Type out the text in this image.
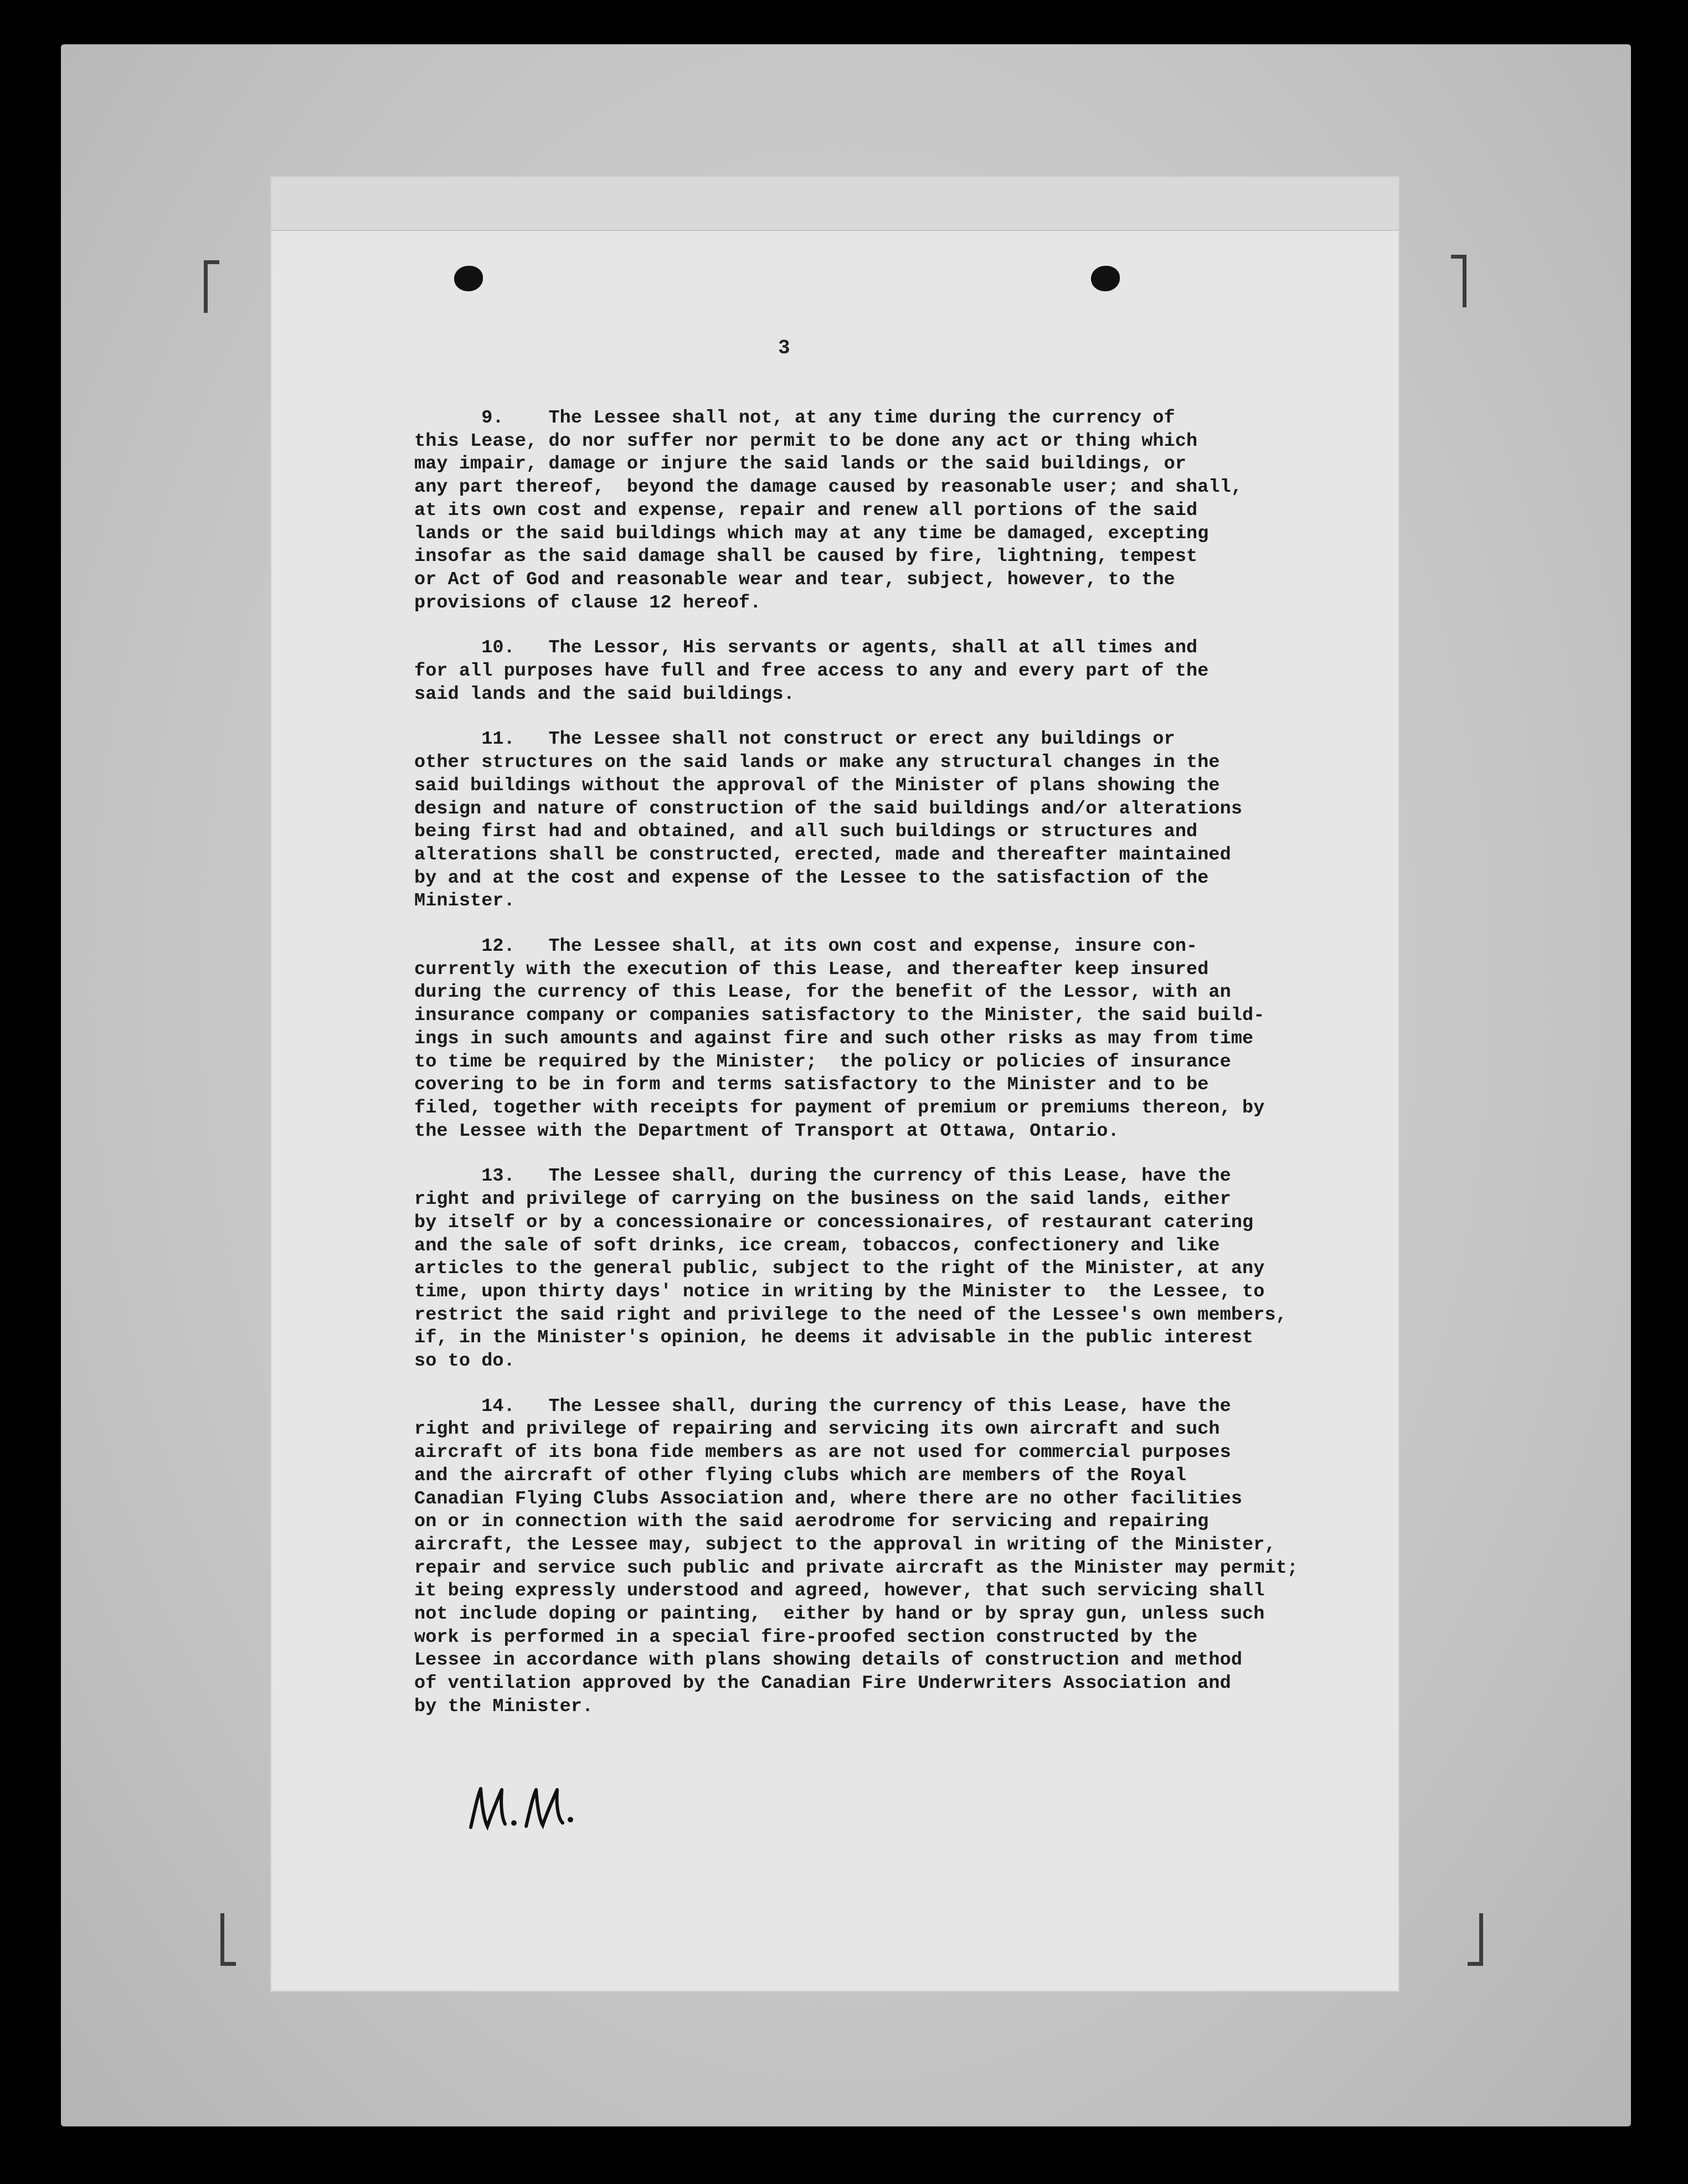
3
9.    The Lessee shall not, at any time during the currency of
this Lease, do nor suffer nor permit to be done any act or thing which
may impair, damage or injure the said lands or the said buildings, or
any part thereof,  beyond the damage caused by reasonable user; and shall,
at its own cost and expense, repair and renew all portions of the said
lands or the said buildings which may at any time be damaged, excepting
insofar as the said damage shall be caused by fire, lightning, tempest
or Act of God and reasonable wear and tear, subject, however, to the
provisions of clause 12 hereof.
10.   The Lessor, His servants or agents, shall at all times and
for all purposes have full and free access to any and every part of the
said lands and the said buildings.
11.   The Lessee shall not construct or erect any buildings or
other structures on the said lands or make any structural changes in the
said buildings without the approval of the Minister of plans showing the
design and nature of construction of the said buildings and/or alterations
being first had and obtained, and all such buildings or structures and
alterations shall be constructed, erected, made and thereafter maintained
by and at the cost and expense of the Lessee to the satisfaction of the
Minister.
12.   The Lessee shall, at its own cost and expense, insure con-
currently with the execution of this Lease, and thereafter keep insured
during the currency of this Lease, for the benefit of the Lessor, with an
insurance company or companies satisfactory to the Minister, the said build-
ings in such amounts and against fire and such other risks as may from time
to time be required by the Minister;  the policy or policies of insurance
covering to be in form and terms satisfactory to the Minister and to be
filed, together with receipts for payment of premium or premiums thereon, by
the Lessee with the Department of Transport at Ottawa, Ontario.
13.   The Lessee shall, during the currency of this Lease, have the
right and privilege of carrying on the business on the said lands, either
by itself or by a concessionaire or concessionaires, of restaurant catering
and the sale of soft drinks, ice cream, tobaccos, confectionery and like
articles to the general public, subject to the right of the Minister, at any
time, upon thirty days' notice in writing by the Minister to  the Lessee, to
restrict the said right and privilege to the need of the Lessee's own members,
if, in the Minister's opinion, he deems it advisable in the public interest
so to do.
14.   The Lessee shall, during the currency of this Lease, have the
right and privilege of repairing and servicing its own aircraft and such
aircraft of its bona fide members as are not used for commercial purposes
and the aircraft of other flying clubs which are members of the Royal
Canadian Flying Clubs Association and, where there are no other facilities
on or in connection with the said aerodrome for servicing and repairing
aircraft, the Lessee may, subject to the approval in writing of the Minister,
repair and service such public and private aircraft as the Minister may permit;
it being expressly understood and agreed, however, that such servicing shall
not include doping or painting,  either by hand or by spray gun, unless such
work is performed in a special fire-proofed section constructed by the
Lessee in accordance with plans showing details of construction and method
of ventilation approved by the Canadian Fire Underwriters Association and
by the Minister.
